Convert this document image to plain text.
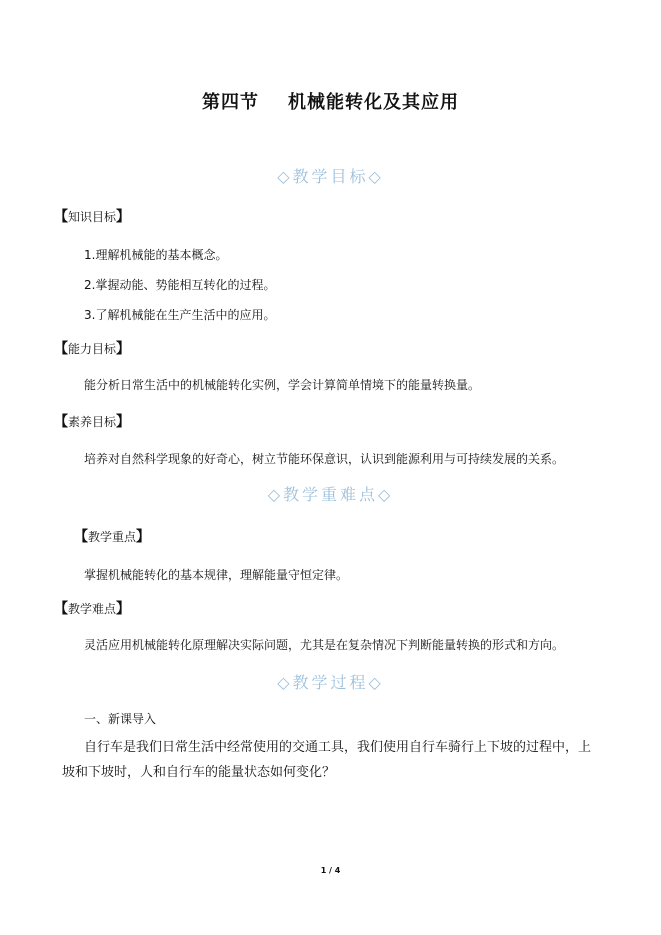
第四节    机械能转化及其应用
◇教学目标◇
【知识目标】
1.理解机械能的基本概念。
2.掌握动能、势能相互转化的过程。
3.了解机械能在生产生活中的应用。
【能力目标】
能分析日常生活中的机械能转化实例，学会计算简单情境下的能量转换量。
【素养目标】
培养对自然科学现象的好奇心，树立节能环保意识，认识到能源利用与可持续发展的关系。
◇教学重难点◇
【教学重点】
掌握机械能转化的基本规律，理解能量守恒定律。
【教学难点】
灵活应用机械能转化原理解决实际问题，尤其是在复杂情况下判断能量转换的形式和方向。
◇教学过程◇
一、新课导入
自行车是我们日常生活中经常使用的交通工具，我们使用自行车骑行上下坡的过程中，上坡和下坡时，人和自行车的能量状态如何变化？
1 / 4
